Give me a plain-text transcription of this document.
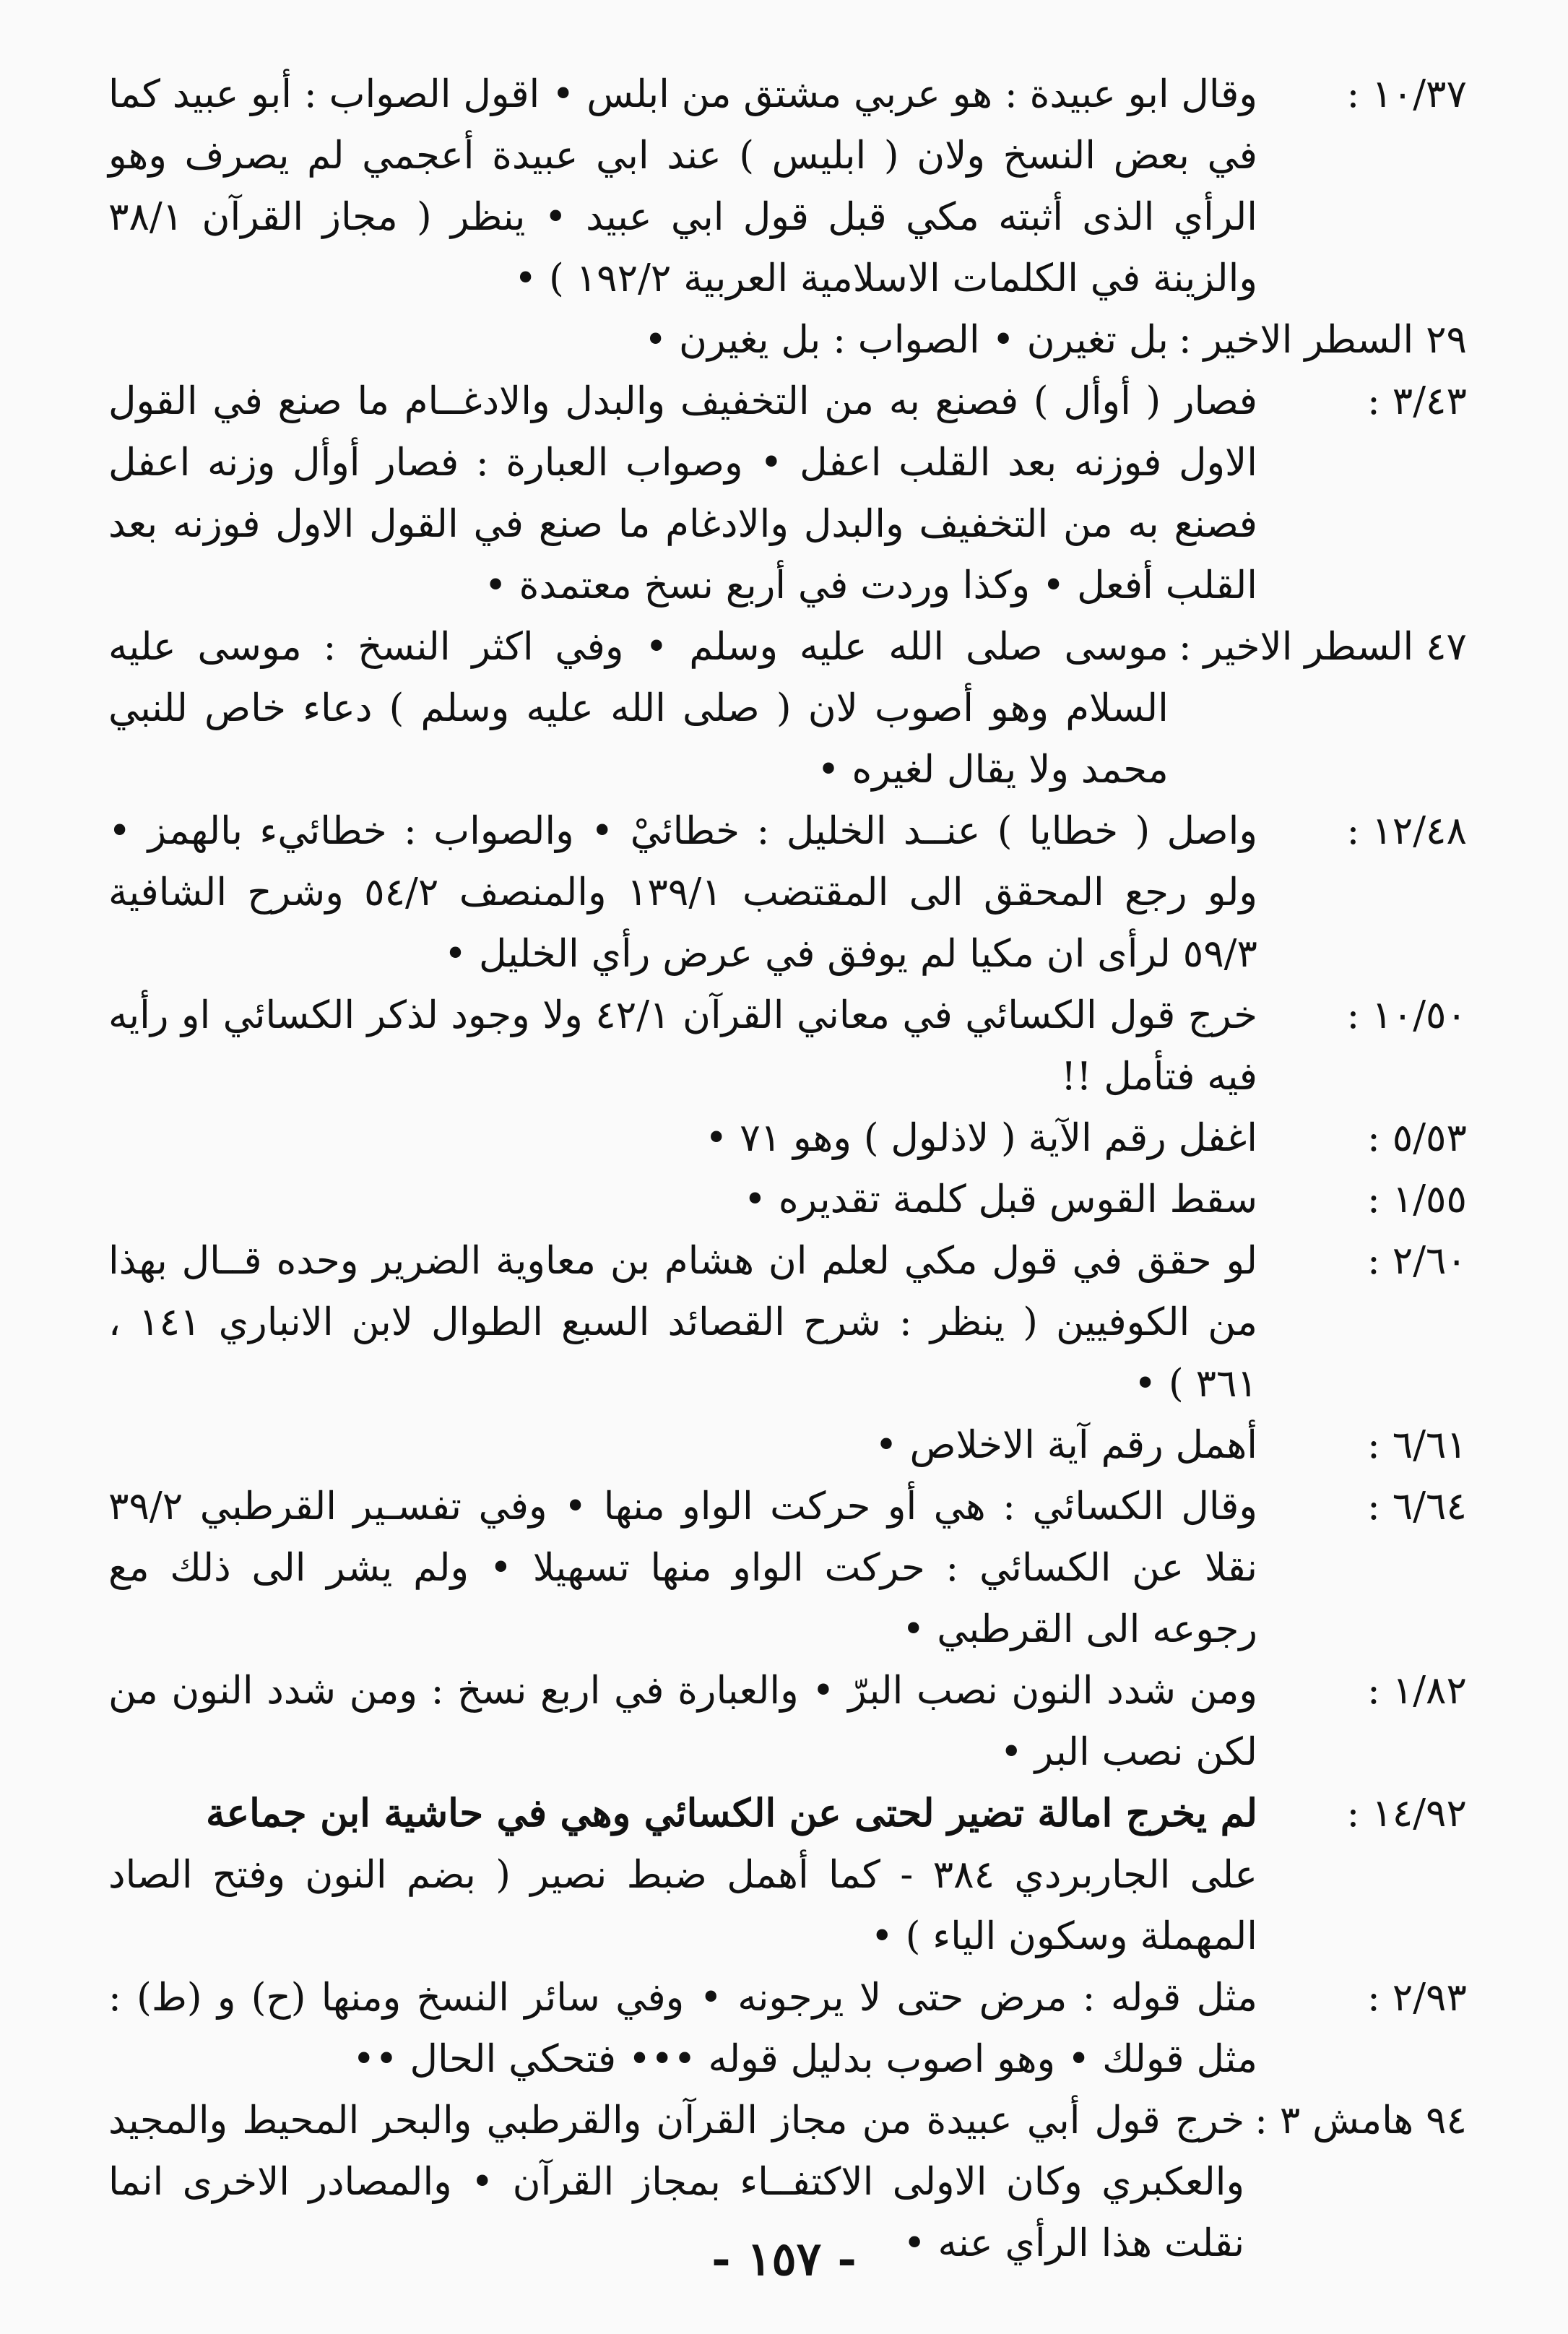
١٠/٣٧ :
وقال ابو عبيدة : هو عربي مشتق من ابلس • اقول الصواب : أبو عبيد كما في بعض النسخ ولان ( ابليس ) عند ابي عبيدة أعجمي لم يصرف وهو الرأي الذى أثبته مكي قبل قول ابي عبيد • ينظر ( مجاز القرآن ٣٨/١ والزينة في الكلمات الاسلامية العربية ١٩٢/٢ ) •
٢٩ السطر الاخير :
بل تغيرن • الصواب : بل يغيرن •
٣/٤٣ :
فصار ( أوأل ) فصنع به من التخفيف والبدل والادغــام ما صنع في القول الاول فوزنه بعد القلب اعفل • وصواب العبارة : فصار أوأل وزنه اعفل فصنع به من التخفيف والبدل والادغام ما صنع في القول الاول فوزنه بعد القلب أفعل • وكذا وردت في أربع نسخ معتمدة •
٤٧ السطر الاخير :
موسى صلى الله عليه وسلم • وفي اكثر النسخ : موسى عليه السلام وهو أصوب لان ( صلى الله عليه وسلم ) دعاء خاص للنبي محمد ولا يقال لغيره •
١٢/٤٨ :
واصل ( خطايا ) عنــد الخليل : خطائيْ • والصواب : خطائيء بالهمز • ولو رجع المحقق الى المقتضب ١٣٩/١ والمنصف ٥٤/٢ وشرح الشافية ٥٩/٣ لرأى ان مكيا لم يوفق في عرض رأي الخليل •
١٠/٥٠ :
خرج قول الكسائي في معاني القرآن ٤٢/١ ولا وجود لذكر الكسائي او رأيه فيه فتأمل !!
٥/٥٣ :
اغفل رقم الآية ( لاذلول ) وهو ٧١ •
١/٥٥ :
سقط القوس قبل كلمة تقديره •
٢/٦٠ :
لو حقق في قول مكي لعلم ان هشام بن معاوية الضرير وحده قــال بهذا من الكوفيين ( ينظر : شرح القصائد السبع الطوال لابن الانباري ١٤١ ، ٣٦١ ) •
٦/٦١ :
أهمل رقم آية الاخلاص •
٦/٦٤ :
وقال الكسائي : هي أو حركت الواو منها • وفي تفسـير القرطبي ٣٩/٢ نقلا عن الكسائي : حركت الواو منها تسهيلا • ولم يشر الى ذلك مع رجوعه الى القرطبي •
١/٨٢ :
ومن شدد النون نصب البرّ • والعبارة في اربع نسخ : ومن شدد النون من لكن نصب البر •
١٤/٩٢ :
لم يخرج امالة تضير لحتى عن الكسائي وهي في حاشية ابن جماعة
على الجاربردي ٣٨٤ - كما أهمل ضبط نصير ( بضم النون وفتح الصاد المهملة وسكون الياء ) •
٢/٩٣ :
مثل قوله : مرض حتى لا يرجونه • وفي سائر النسخ ومنها (ح) و (ط) : مثل قولك • وهو اصوب بدليل قوله ••• فتحكي الحال ••
٩٤ هامش ٣ :
خرج قول أبي عبيدة من مجاز القرآن والقرطبي والبحر المحيط والمجيد والعكبري وكان الاولى الاكتفــاء بمجاز القرآن • والمصادر الاخرى انما نقلت هذا الرأي عنه •
- ١٥٧ -
